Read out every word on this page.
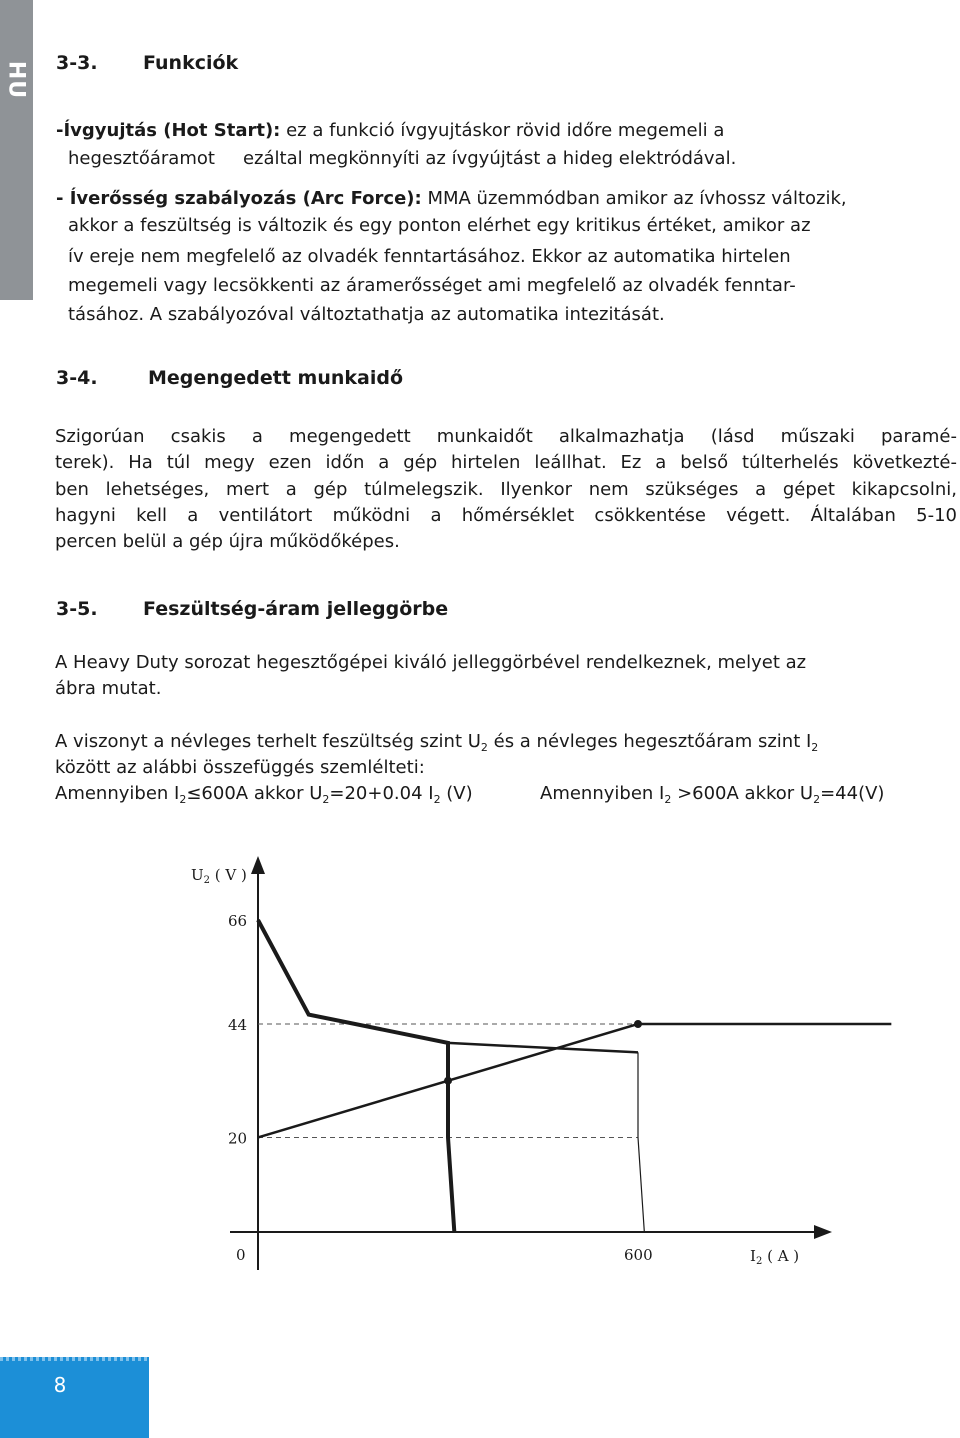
HU 3-3. Funkciók
-Ívgyujtás (Hot Start): ez a funkció ívgyujtáskor rövid időre megemeli a
hegesztőáramot ezáltal megkönnyíti az ívgyújtást a hideg elektródával.
- Íverősség szabályozás (Arc Force): MMA üzemmódban amikor az ívhossz változik,
akkor a feszültség is változik és egy ponton elérhet egy kritikus értéket, amikor az
ív ereje nem megfelelő az olvadék fenntartásához. Ekkor az automatika hirtelen
megemeli vagy lecsökkenti az áramerősséget ami megfelelő az olvadék fenntar-
tásához. A szabályozóval változtathatja az automatika intezitását.
3-4.	Megengedett munkaidő
Szigorúan csakis a megengedett munkaidőt alkalmazhatja (lásd műszaki paramé-
terek). Ha túl megy ezen időn a gép hirtelen leállhat. Ez a belső túlterhelés következté-
ben lehetséges, mert a gép túlmelegszik. Ilyenkor nem szükséges a gépet kikapcsolni,
hagyni kell a ventilátort működni a hőmérséklet csökkentése végett. Általában 5-10
percen belül a gép újra működőképes.
3-5. Feszültség-áram jelleggörbe
A Heavy Duty sorozat hegesztőgépei kiváló jelleggörbével rendelkeznek, melyet az
ábra mutat.
A viszonyt a névleges terhelt feszültség szint $U_2$ és a névleges hegesztőáram szint $I_2$
között az alábbi összefüggés szemlélteti:
Amennyiben $I_2\le 600A$ akkor $U_2=20+0.04$ $I_2$ (V)	Amennyiben $I_2 >600A$ akkor $U_2=44(V)$
$U_2$ ( V )
$I_2$ ( A )
0
66
44
20
600
8
